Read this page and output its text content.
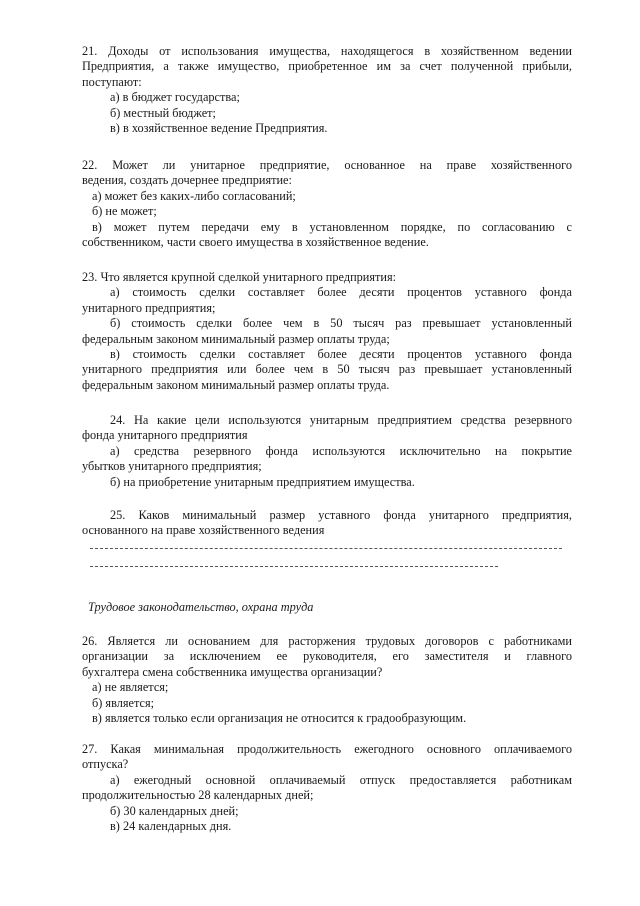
21. Доходы от использования имущества, находящегося в хозяйственном ведении
Предприятия, а также имущество, приобретенное им за счет полученной прибыли,
поступают:
а) в бюджет государства;
б) местный бюджет;
в) в хозяйственное ведение Предприятия.
22. Может ли унитарное предприятие, основанное на праве хозяйственного
ведения, создать дочернее предприятие:
а) может без каких-либо согласований;
б) не может;
в) может путем передачи ему в установленном порядке, по согласованию с
собственником, части своего имущества в хозяйственное ведение.
23. Что является крупной сделкой унитарного предприятия:
а) стоимость сделки составляет более десяти процентов уставного фонда
унитарного предприятия;
б) стоимость сделки более чем в 50 тысяч раз превышает установленный
федеральным законом минимальный размер оплаты труда;
в) стоимость сделки составляет более десяти процентов уставного фонда
унитарного предприятия или более чем в 50 тысяч раз превышает установленный
федеральным законом минимальный размер оплаты труда.
24. На какие цели используются унитарным предприятием средства резервного
фонда унитарного предприятия
а) средства резервного фонда используются исключительно на покрытие
убытков унитарного предприятия;
б) на приобретение унитарным предприятием имущества.
25. Каков минимальный размер уставного фонда унитарного предприятия,
основанного на праве хозяйственного ведения
Трудовое законодательство, охрана труда
26. Является ли основанием для расторжения трудовых договоров с работниками
организации за исключением ее руководителя, его заместителя и главного
бухгалтера смена собственника имущества организации?
а) не является;
б) является;
в) является только если организация не относится к градообразующим.
27. Какая минимальная продолжительность ежегодного основного оплачиваемого
отпуска?
а) ежегодный основной оплачиваемый отпуск предоставляется работникам
продолжительностью 28 календарных дней;
б) 30 календарных дней;
в) 24 календарных дня.
